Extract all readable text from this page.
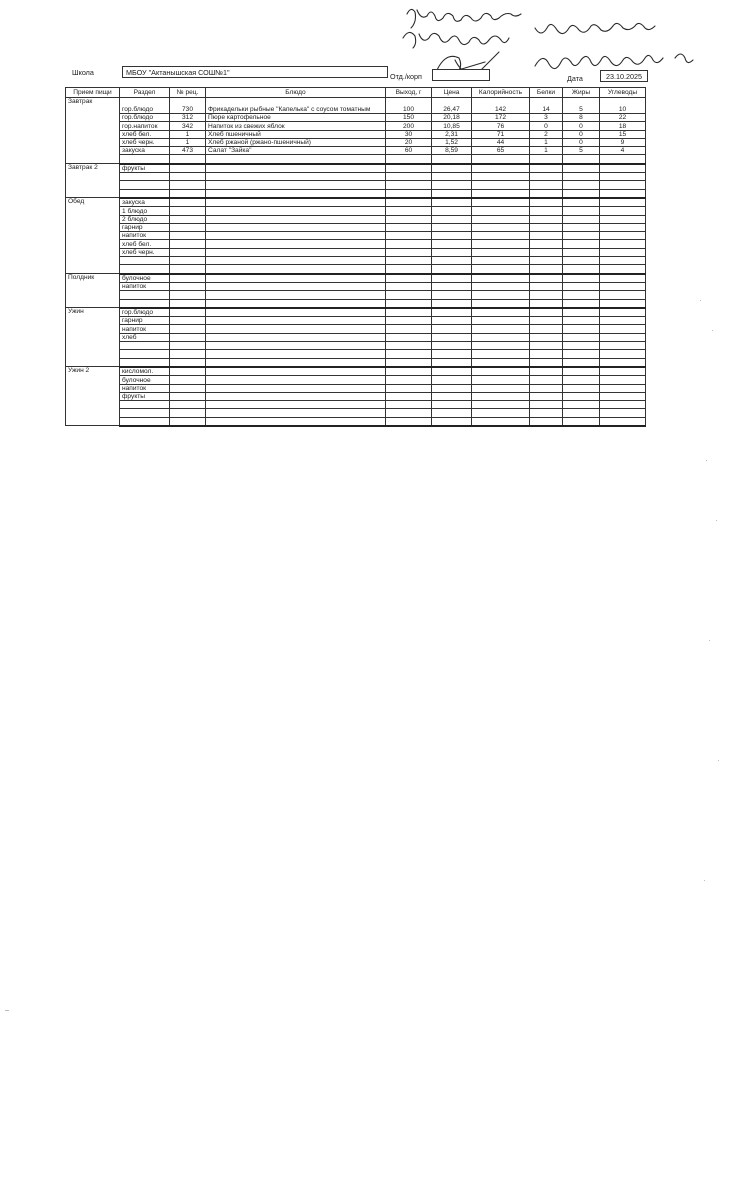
Школа	МБОУ "Актанышская СОШ№1"	Отд./корп	Дата	23.10.2025
Прием пищи	Раздел	№ рец.	Блюдо	Выход, г	Цена	Калорийность	Белки	Жиры	Углеводы
Завтрак	гор.блюдо	730	Фрикадельки рыбные "Капелька" с соусом томатным	100	26,47	142	14	5	10
	гор.блюдо	312	Пюре картофельное	150	20,18	172	3	8	22
	гор.напиток	342	Напиток из свежих яблок	200	10,85	76	0	0	18
	хлеб бел.	1	Хлеб пшеничный	30	2,31	71	2	0	15
	хлеб черн.	1	Хлеб ржаной (ржано-пшеничный)	20	1,52	44	1	0	9
	закуска	473	Салат "Зайка"	60	8,59	65	1	5	4

Завтрак 2	фрукты								

Обед	закуска								
	1 блюдо								
	2 блюдо								
	гарнир								
	напиток								
	хлеб бел.								
	хлеб черн.								

Полдник	булочное								
	напиток								

Ужин	гор.блюдо								
	гарнир								
	напиток								
	хлеб								

Ужин 2	кисломол.								
	булочное								
	напиток								
	фрукты								
